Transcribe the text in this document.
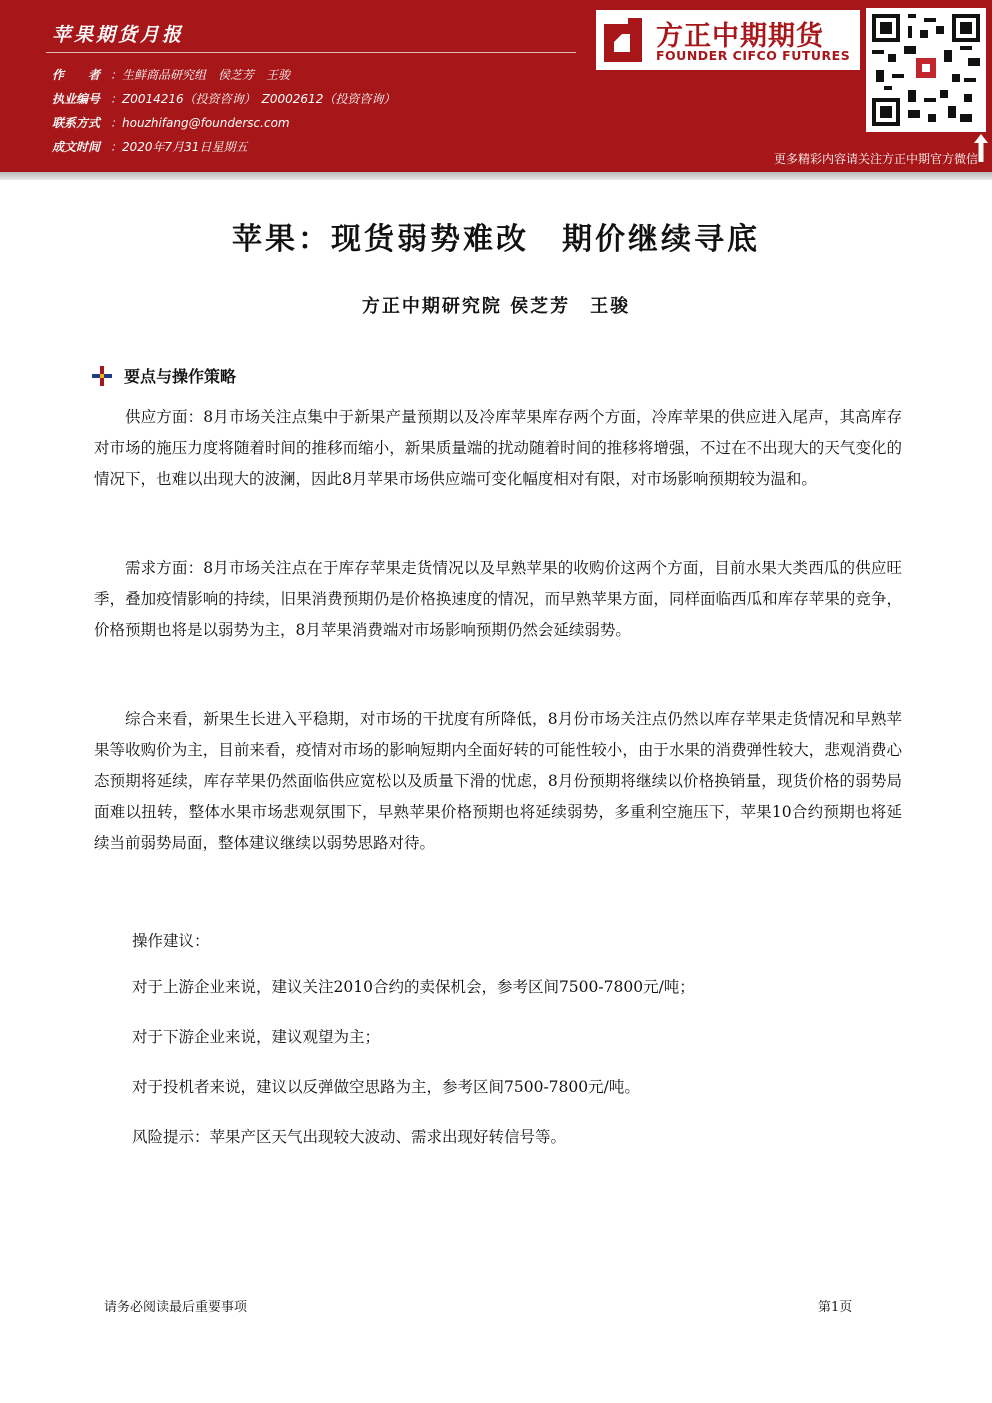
苹果期货月报
作　　者 ：生鲜商品研究组　侯芝芳　王骏
执业编号 ：Z0014216（投资咨询）　Z0002612（投资咨询）
联系方式 ：houzhifang@foundersc.com
成文时间 ：2020年7月31日星期五
方正中期期货
FOUNDER CIFCO FUTURES
更多精彩内容请关注方正中期官方微信
苹果：现货弱势难改　期价继续寻底
方正中期研究院 侯芝芳　王骏
要点与操作策略

供应方面：8月市场关注点集中于新果产量预期以及冷库苹果库存两个方面，冷库苹果的供应进入尾声，其高库存对市场的施压力度将随着时间的推移而缩小，新果质量端的扰动随着时间的推移将增强，不过在不出现大的天气变化的情况下，也难以出现大的波澜，因此8月苹果市场供应端可变化幅度相对有限，对市场影响预期较为温和。

需求方面：8月市场关注点在于库存苹果走货情况以及早熟苹果的收购价这两个方面，目前水果大类西瓜的供应旺季，叠加疫情影响的持续，旧果消费预期仍是价格换速度的情况，而早熟苹果方面，同样面临西瓜和库存苹果的竞争，价格预期也将是以弱势为主，8月苹果消费端对市场影响预期仍然会延续弱势。

综合来看，新果生长进入平稳期，对市场的干扰度有所降低，8月份市场关注点仍然以库存苹果走货情况和早熟苹果等收购价为主，目前来看，疫情对市场的影响短期内全面好转的可能性较小，由于水果的消费弹性较大，悲观消费心态预期将延续，库存苹果仍然面临供应宽松以及质量下滑的忧虑，8月份预期将继续以价格换销量，现货价格的弱势局面难以扭转，整体水果市场悲观氛围下，早熟苹果价格预期也将延续弱势，多重利空施压下，苹果10合约预期也将延续当前弱势局面，整体建议继续以弱势思路对待。

操作建议：

对于上游企业来说，建议关注2010合约的卖保机会，参考区间7500-7800元/吨；

对于下游企业来说，建议观望为主；

对于投机者来说，建议以反弹做空思路为主，参考区间7500-7800元/吨。

风险提示：苹果产区天气出现较大波动、需求出现好转信号等。

请务必阅读最后重要事项	第1页
